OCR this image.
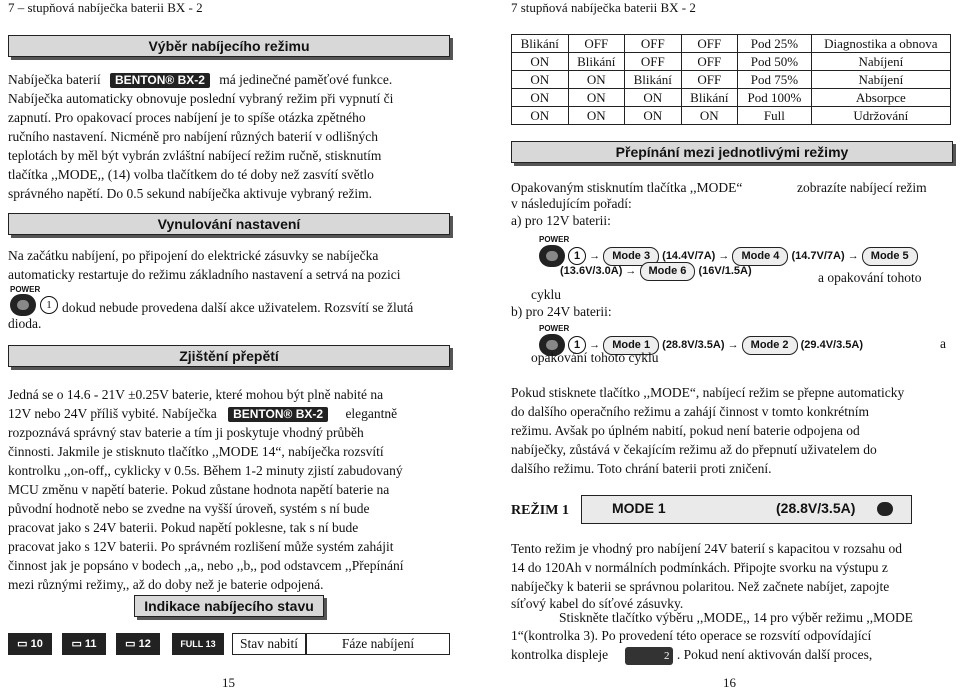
7 – stupňová nabíječka baterii BX - 2
Výběr nabíjecího režimu
Nabíječka baterií BENTON® BX-2 má jedinečné paměťové funkce.
Nabíječka automaticky obnovuje poslední vybraný režim při vypnutí či
zapnutí. Pro opakovací proces nabíjení je to spíše otázka zpětného
ručního nastavení. Nicméně pro nabíjení různých baterií v odlišných
teplotách by měl být vybrán zvláštní nabíjecí režim ručně, stisknutím
tlačítka ,,MODE,, (14) volba tlačítkem do té doby než zasvítí světlo
správného napětí. Do 0.5 sekund nabíječka aktivuje vybraný režim.
Vynulování nastavení
Na začátku nabíjení, po připojení do elektrické zásuvky se nabíječka
automaticky restartuje do režimu základního nastavení a setrvá na pozici
POWER
1 dokud nebude provedena další akce uživatelem. Rozsvítí se žlutá
dioda.
Zjištění přepětí
Jedná se o 14.6 - 21V ±0.25V baterie, které mohou být plně nabité na
12V nebo 24V příliš vybité. Nabíječka BENTON® BX-2 elegantně
rozpoznává správný stav baterie a tím ji poskytuje vhodný průběh
činnosti. Jakmile je stisknuto tlačítko ,,MODE 14“, nabíječka rozsvítí
kontrolku ,,on-off,, cyklicky v 0.5s. Během 1-2 minuty zjistí zabudovaný
MCU změnu v napětí baterie. Pokud zůstane hodnota napětí baterie na
původní hodnotě nebo se zvedne na vyšší úroveň, systém s ní bude
pracovat jako s 24V baterii. Pokud napětí poklesne, tak s ní bude
pracovat jako s 12V baterii. Po správném rozlišení může systém zahájit
činnost jak je popsáno v bodech ,,a,, nebo ,,b,, pod odstavcem ,,Přepínání
mezi různými režimy,, až do doby než je baterie odpojená.
Indikace nabíjecího stavu
▭ 10	▭ 11	▭ 12	FULL 13	Stav nabití	Fáze nabíjení
15
7 stupňová nabíječka baterii BX - 2
Blikání	OFF	OFF	OFF	Pod 25%	Diagnostika a obnova
ON	Blikání	OFF	OFF	Pod 50%	Nabíjení
ON	ON	Blikání	OFF	Pod 75%	Nabíjení
ON	ON	ON	Blikání	Pod 100%	Absorpce
ON	ON	ON	ON	Full	Udržování
Přepínání mezi jednotlivými režimy
Opakovaným stisknutím tlačítka ,,MODE“	zobrazíte nabíjecí režim
v následujícím pořadí:
a) pro 12V baterii:
POWER
1 → Mode 3 (14.4V/7A) → Mode 4 (14.7V/7A) → Mode 5
(13.6V/3.0A) → Mode 6 (16V/1.5A)	a opakování tohoto
cyklu
b) pro 24V baterii:
POWER
1 → Mode 1 (28.8V/3.5A) → Mode 2 (29.4V/3.5A)	a
opakování tohoto cyklu
Pokud stisknete tlačítko ,,MODE“, nabíjecí režim se přepne automaticky
do dalšího operačního režimu a zahájí činnost v tomto konkrétním
režimu. Avšak po úplném nabití, pokud není baterie odpojena od
nabíječky, zůstává v čekajícím režimu až do přepnutí uživatelem do
dalšího režimu. Toto chrání baterii proti zničení.
REŽIM 1	MODE 1	(28.8V/3.5A)
Tento režim je vhodný pro nabíjení 24V baterií s kapacitou v rozsahu od
14 do 120Ah v normálních podmínkách. Připojte svorku na výstupu z
nabíječky k baterii se správnou polaritou. Než začnete nabíjet, zapojte
síťový kabel do síťové zásuvky.
Stiskněte tlačítko výběru ,,MODE,, 14 pro výběr režimu ,,MODE
1“(kontrolka 3). Po provedení této operace se rozsvítí odpovídající
kontrolka displeje	2 . Pokud není aktivován další proces,
16
